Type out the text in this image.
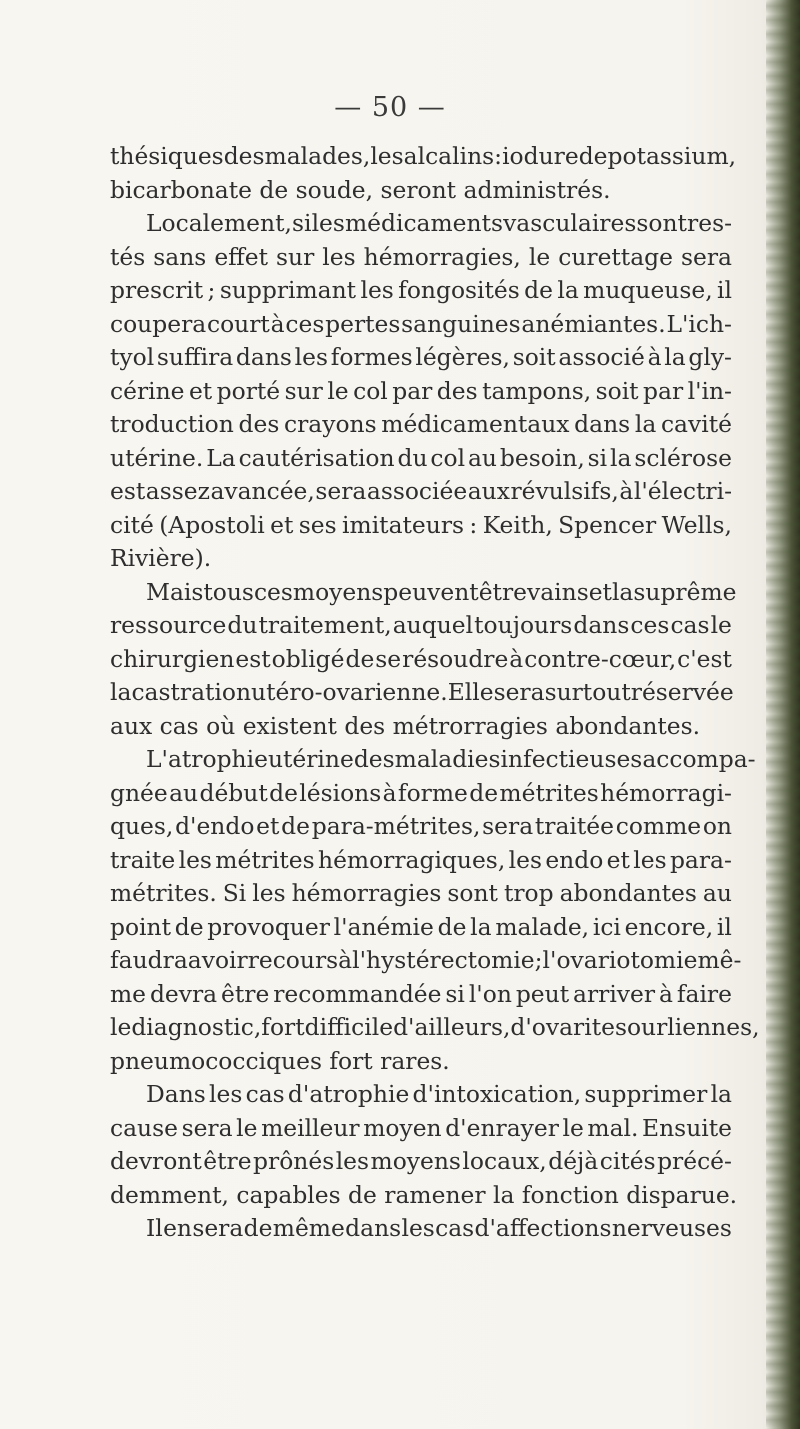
— 50 —
thésiques des malades, les alcalins : iodure de potassium,
bicarbonate de soude, seront administrés.
Localement, si les médicaments vasculaires sont res-
tés sans effet sur les hémorragies, le curettage sera
prescrit ; supprimant les fongosités de la muqueuse, il
coupera court à ces pertes sanguines anémiantes. L'ich-
tyol suffira dans les formes légères, soit associé à la gly-
cérine et porté sur le col par des tampons, soit par l'in-
troduction des crayons médicamentaux dans la cavité
utérine. La cautérisation du col au besoin, si la sclérose
est assez avancée, sera associée aux révulsifs, à l'électri-
cité (Apostoli et ses imitateurs : Keith, Spencer Wells,
Rivière).
Mais tous ces moyens peuvent être vains et la suprême
ressource du traitement, auquel toujours dans ces cas le
chirurgien est obligé de se résoudre à contre-cœur, c'est
la castration utéro-ovarienne. Elle sera surtout réservée
aux cas où existent des métrorragies abondantes.
L'atrophie utérine des maladies infectieuses accompa-
gnée au début de lésions à forme de métrites hémorragi-
ques, d'endo et de para-métrites, sera traitée comme on
traite les métrites hémorragiques, les endo et les para-
métrites. Si les hémorragies sont trop abondantes au
point de provoquer l'anémie de la malade, ici encore, il
faudra avoir recours à l'hystérectomie ; l'ovariotomie mê-
me devra être recommandée si l'on peut arriver à faire
le diagnostic, fort difficile d'ailleurs, d'ovarites ourliennes,
pneumococciques fort rares.
Dans les cas d'atrophie d'intoxication, supprimer la
cause sera le meilleur moyen d'enrayer le mal. Ensuite
devront être prônés les moyens locaux, déjà cités précé-
demment, capables de ramener la fonction disparue.
Il en sera de même dans les cas d'affections nerveuses
